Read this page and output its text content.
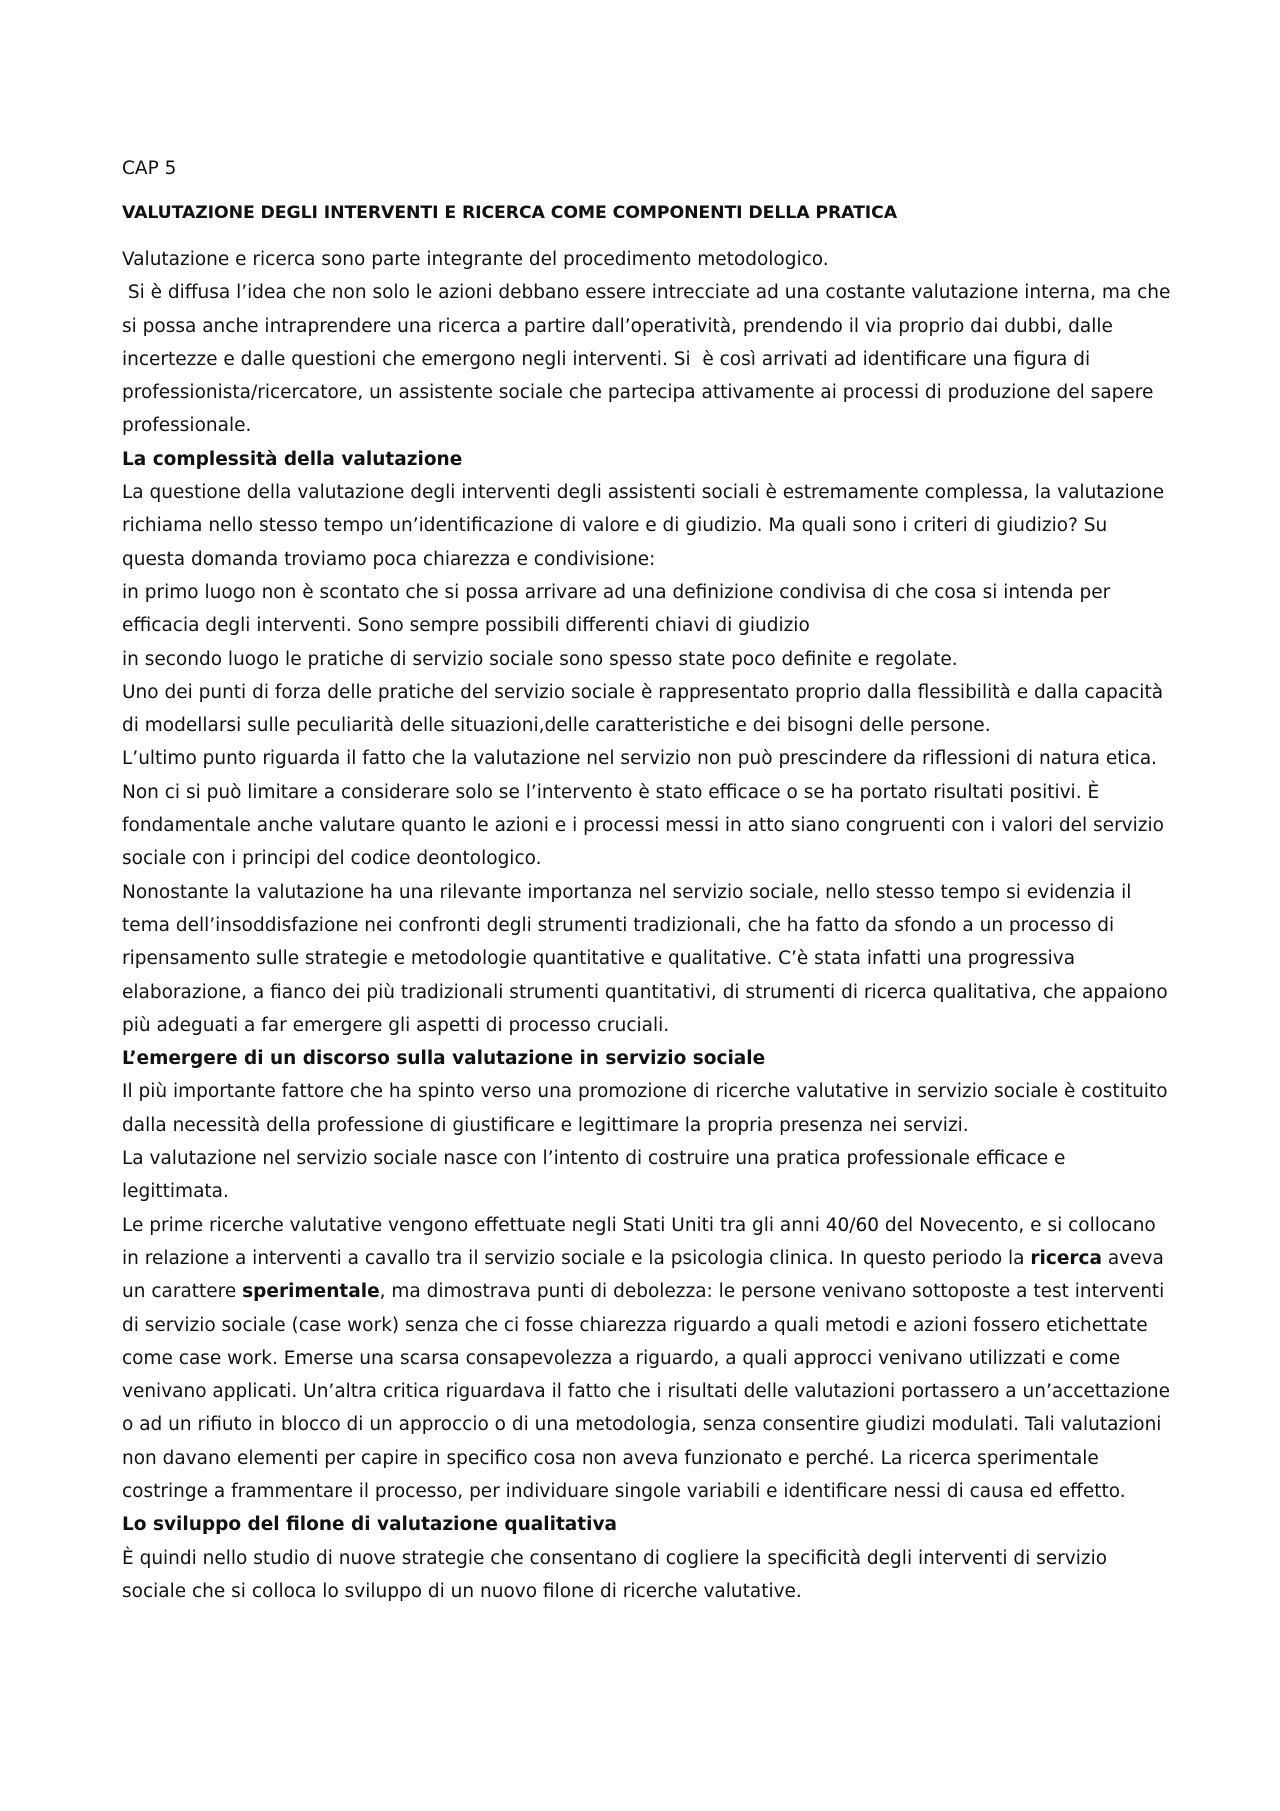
CAP 5

VALUTAZIONE DEGLI INTERVENTI E RICERCA COME COMPONENTI DELLA PRATICA

Valutazione e ricerca sono parte integrante del procedimento metodologico.

Si è diffusa l’idea che non solo le azioni debbano essere intrecciate ad una costante valutazione interna, ma che si possa anche intraprendere una ricerca a partire dall’operatività, prendendo il via proprio dai dubbi, dalle incertezze e dalle questioni che emergono negli interventi. Si  è così arrivati ad identificare una figura di professionista/ricercatore, un assistente sociale che partecipa attivamente ai processi di produzione del sapere professionale.

La complessità della valutazione

La questione della valutazione degli interventi degli assistenti sociali è estremamente complessa, la valutazione richiama nello stesso tempo un’identificazione di valore e di giudizio. Ma quali sono i criteri di giudizio? Su questa domanda troviamo poca chiarezza e condivisione:

in primo luogo non è scontato che si possa arrivare ad una definizione condivisa di che cosa si intenda per efficacia degli interventi. Sono sempre possibili differenti chiavi di giudizio

in secondo luogo le pratiche di servizio sociale sono spesso state poco definite e regolate.

Uno dei punti di forza delle pratiche del servizio sociale è rappresentato proprio dalla flessibilità e dalla capacità di modellarsi sulle peculiarità delle situazioni,delle caratteristiche e dei bisogni delle persone.

L’ultimo punto riguarda il fatto che la valutazione nel servizio non può prescindere da riflessioni di natura etica. Non ci si può limitare a considerare solo se l’intervento è stato efficace o se ha portato risultati positivi. È fondamentale anche valutare quanto le azioni e i processi messi in atto siano congruenti con i valori del servizio sociale con i principi del codice deontologico.

Nonostante la valutazione ha una rilevante importanza nel servizio sociale, nello stesso tempo si evidenzia il tema dell’insoddisfazione nei confronti degli strumenti tradizionali, che ha fatto da sfondo a un processo di ripensamento sulle strategie e metodologie quantitative e qualitative. C’è stata infatti una progressiva elaborazione, a fianco dei più tradizionali strumenti quantitativi, di strumenti di ricerca qualitativa, che appaiono più adeguati a far emergere gli aspetti di processo cruciali.

L’emergere di un discorso sulla valutazione in servizio sociale

Il più importante fattore che ha spinto verso una promozione di ricerche valutative in servizio sociale è costituito dalla necessità della professione di giustificare e legittimare la propria presenza nei servizi.

La valutazione nel servizio sociale nasce con l’intento di costruire una pratica professionale efficace e legittimata.

Le prime ricerche valutative vengono effettuate negli Stati Uniti tra gli anni 40/60 del Novecento, e si collocano in relazione a interventi a cavallo tra il servizio sociale e la psicologia clinica. In questo periodo la ricerca aveva un carattere sperimentale, ma dimostrava punti di debolezza: le persone venivano sottoposte a test interventi di servizio sociale (case work) senza che ci fosse chiarezza riguardo a quali metodi e azioni fossero etichettate come case work. Emerse una scarsa consapevolezza a riguardo, a quali approcci venivano utilizzati e come venivano applicati. Un’altra critica riguardava il fatto che i risultati delle valutazioni portassero a un’accettazione o ad un rifiuto in blocco di un approccio o di una metodologia, senza consentire giudizi modulati. Tali valutazioni non davano elementi per capire in specifico cosa non aveva funzionato e perché. La ricerca sperimentale costringe a frammentare il processo, per individuare singole variabili e identificare nessi di causa ed effetto.

Lo sviluppo del filone di valutazione qualitativa

È quindi nello studio di nuove strategie che consentano di cogliere la specificità degli interventi di servizio sociale che si colloca lo sviluppo di un nuovo filone di ricerche valutative.
